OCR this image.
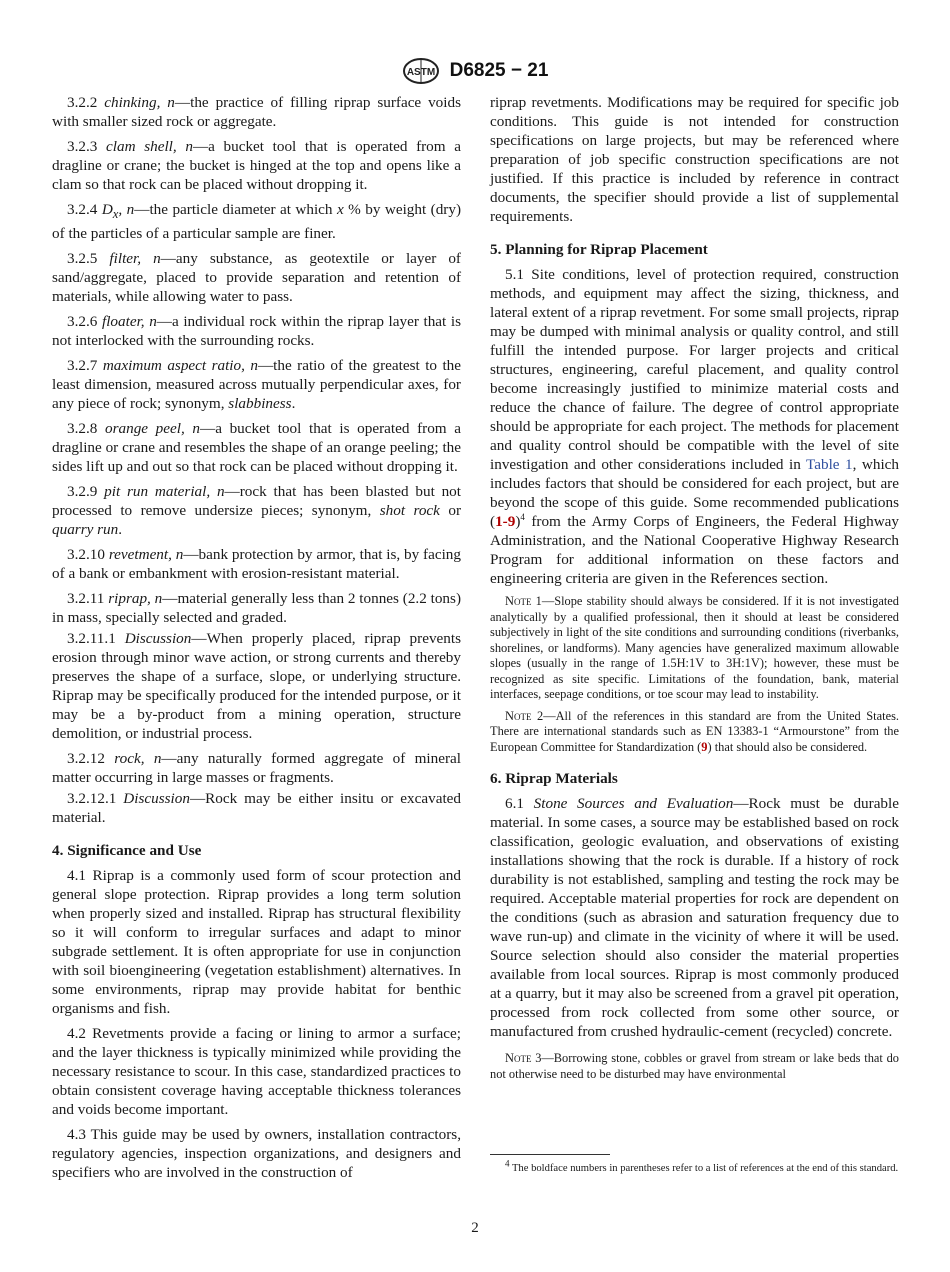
ASTM D6825 − 21

3.2.2 chinking, n—the practice of filling riprap surface voids with smaller sized rock or aggregate.

3.2.3 clam shell, n—a bucket tool that is operated from a dragline or crane; the bucket is hinged at the top and opens like a clam so that rock can be placed without dropping it.

3.2.4 $D_x$, n—the particle diameter at which x % by weight (dry) of the particles of a particular sample are finer.

3.2.5 filter, n—any substance, as geotextile or layer of sand/aggregate, placed to provide separation and retention of materials, while allowing water to pass.

3.2.6 floater, n—a individual rock within the riprap layer that is not interlocked with the surrounding rocks.

3.2.7 maximum aspect ratio, n—the ratio of the greatest to the least dimension, measured across mutually perpendicular axes, for any piece of rock; synonym, slabbiness.

3.2.8 orange peel, n—a bucket tool that is operated from a dragline or crane and resembles the shape of an orange peeling; the sides lift up and out so that rock can be placed without dropping it.

3.2.9 pit run material, n—rock that has been blasted but not processed to remove undersize pieces; synonym, shot rock or quarry run.

3.2.10 revetment, n—bank protection by armor, that is, by facing of a bank or embankment with erosion-resistant material.

3.2.11 riprap, n—material generally less than 2 tonnes (2.2 tons) in mass, specially selected and graded.

3.2.11.1 Discussion—When properly placed, riprap prevents erosion through minor wave action, or strong currents and thereby preserves the shape of a surface, slope, or underlying structure. Riprap may be specifically produced for the intended purpose, or it may be a by-product from a mining operation, structure demolition, or industrial process.

3.2.12 rock, n—any naturally formed aggregate of mineral matter occurring in large masses or fragments.

3.2.12.1 Discussion—Rock may be either insitu or excavated material.

4. Significance and Use

4.1 Riprap is a commonly used form of scour protection and general slope protection. Riprap provides a long term solution when properly sized and installed. Riprap has structural flexibility so it will conform to irregular surfaces and adapt to minor subgrade settlement. It is often appropriate for use in conjunction with soil bioengineering (vegetation establishment) alternatives. In some environments, riprap may provide habitat for benthic organisms and fish.

4.2 Revetments provide a facing or lining to armor a surface; and the layer thickness is typically minimized while providing the necessary resistance to scour. In this case, standardized practices to obtain consistent coverage having acceptable thickness tolerances and voids become important.

4.3 This guide may be used by owners, installation contractors, regulatory agencies, inspection organizations, and designers and specifiers who are involved in the construction of

riprap revetments. Modifications may be required for specific job conditions. This guide is not intended for construction specifications on large projects, but may be referenced where preparation of job specific construction specifications are not justified. If this practice is included by reference in contract documents, the specifier should provide a list of supplemental requirements.

5. Planning for Riprap Placement

5.1 Site conditions, level of protection required, construction methods, and equipment may affect the sizing, thickness, and lateral extent of a riprap revetment. For some small projects, riprap may be dumped with minimal analysis or quality control, and still fulfill the intended purpose. For larger projects and critical structures, engineering, careful placement, and quality control become increasingly justified to minimize material costs and reduce the chance of failure. The degree of control appropriate should be appropriate for each project. The methods for placement and quality control should be compatible with the level of site investigation and other considerations included in Table 1, which includes factors that should be considered for each project, but are beyond the scope of this guide. Some recommended publications $(1-9)^4$ from the Army Corps of Engineers, the Federal Highway Administration, and the National Cooperative Highway Research Program for additional information on these factors and engineering criteria are given in the References section.

Note 1—Slope stability should always be considered. If it is not investigated analytically by a qualified professional, then it should at least be considered subjectively in light of the site conditions and surrounding conditions (riverbanks, shorelines, or landforms). Many agencies have generalized maximum allowable slopes (usually in the range of 1.5H:1V to 3H:1V); however, these must be recognized as site specific. Limitations of the foundation, bank, material interfaces, seepage conditions, or toe scour may lead to instability.

Note 2—All of the references in this standard are from the United States. There are international standards such as EN 13383-1 “Armourstone” from the European Committee for Standardization (9) that should also be considered.

6. Riprap Materials

6.1 Stone Sources and Evaluation—Rock must be durable material. In some cases, a source may be established based on rock classification, geologic evaluation, and observations of existing installations showing that the rock is durable. If a history of rock durability is not established, sampling and testing the rock may be required. Acceptable material properties for rock are dependent on the conditions (such as abrasion and saturation frequency due to wave run-up) and climate in the vicinity of where it will be used. Source selection should also consider the material properties available from local sources. Riprap is most commonly produced at a quarry, but it may also be screened from a gravel pit operation, processed from rock collected from some other source, or manufactured from crushed hydraulic-cement (recycled) concrete.

Note 3—Borrowing stone, cobbles or gravel from stream or lake beds that do not otherwise need to be disturbed may have environmental

$^4$ The boldface numbers in parentheses refer to a list of references at the end of this standard.
2
